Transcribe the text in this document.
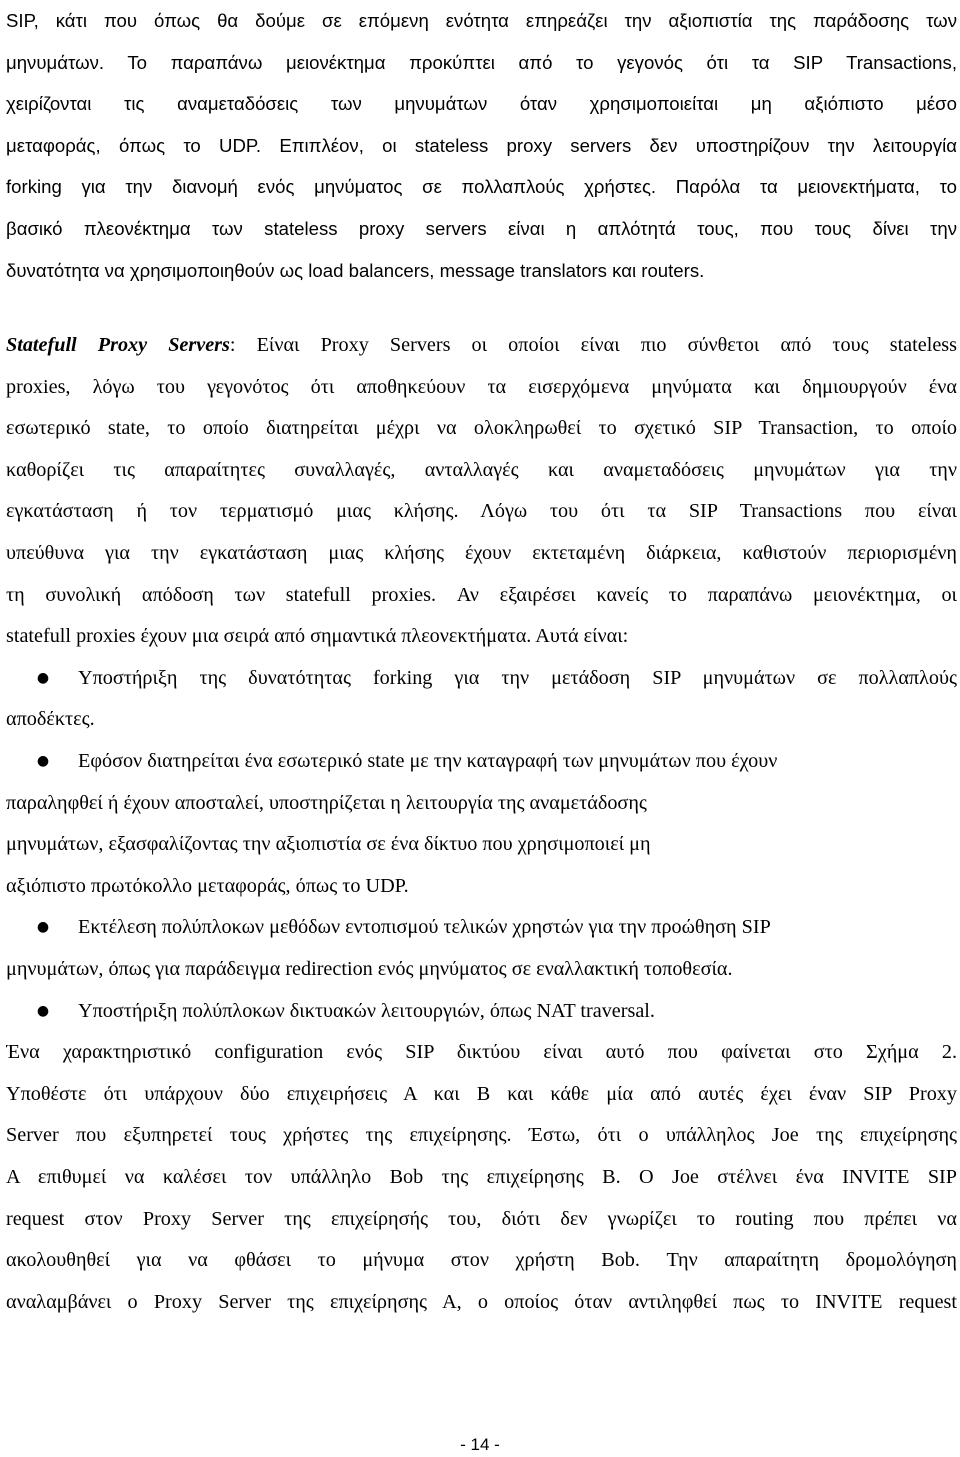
SIP, κάτι που όπως θα δούμε σε επόμενη ενότητα επηρεάζει την αξιοπιστία της παράδοσης των
μηνυμάτων. Το παραπάνω μειονέκτημα προκύπτει από το γεγονός ότι τα SIP Transactions,
χειρίζονται τις αναμεταδόσεις των μηνυμάτων όταν χρησιμοποιείται μη αξιόπιστο μέσο
μεταφοράς, όπως το UDP. Επιπλέον, οι stateless proxy servers δεν υποστηρίζουν την λειτουργία
forking για την διανομή ενός μηνύματος σε πολλαπλούς χρήστες. Παρόλα τα μειονεκτήματα, το
βασικό πλεονέκτημα των stateless proxy servers είναι η απλότητά τους, που τους δίνει την
δυνατότητα να χρησιμοποιηθούν ως load balancers, message translators και routers.
Statefull Proxy Servers: Είναι Proxy Servers οι οποίοι είναι πιο σύνθετοι από τους stateless
proxies, λόγω του γεγονότος ότι αποθηκεύουν τα εισερχόμενα μηνύματα και δημιουργούν ένα
εσωτερικό state, το οποίο διατηρείται μέχρι να ολοκληρωθεί το σχετικό SIP Transaction, το οποίο
καθορίζει τις απαραίτητες συναλλαγές, ανταλλαγές και αναμεταδόσεις μηνυμάτων για την
εγκατάσταση ή τον τερματισμό μιας κλήσης. Λόγω του ότι τα SIP Transactions που είναι
υπεύθυνα για την εγκατάσταση μιας κλήσης έχουν εκτεταμένη διάρκεια, καθιστούν περιορισμένη
τη συνολική απόδοση των statefull proxies. Αν εξαιρέσει κανείς το παραπάνω μειονέκτημα, οι
statefull proxies έχουν μια σειρά από σημαντικά πλεονεκτήματα. Αυτά είναι:
● Υποστήριξη της δυνατότητας forking για την μετάδοση SIP μηνυμάτων σε πολλαπλούς
αποδέκτες.
● Εφόσον διατηρείται ένα εσωτερικό state με την καταγραφή των μηνυμάτων που έχουν
παραληφθεί ή έχουν αποσταλεί, υποστηρίζεται η λειτουργία της αναμετάδοσης
μηνυμάτων, εξασφαλίζοντας την αξιοπιστία σε ένα δίκτυο που χρησιμοποιεί μη
αξιόπιστο πρωτόκολλο μεταφοράς, όπως το UDP.
● Εκτέλεση πολύπλοκων μεθόδων εντοπισμού τελικών χρηστών για την προώθηση SIP
μηνυμάτων, όπως για παράδειγμα redirection ενός μηνύματος σε εναλλακτική τοποθεσία.
● Υποστήριξη πολύπλοκων δικτυακών λειτουργιών, όπως NAT traversal.
Ένα χαρακτηριστικό configuration ενός SIP δικτύου είναι αυτό που φαίνεται στο Σχήμα 2.
Υποθέστε ότι υπάρχουν δύο επιχειρήσεις Α και Β και κάθε μία από αυτές έχει έναν SIP Proxy
Server που εξυπηρετεί τους χρήστες της επιχείρησης. Έστω, ότι ο υπάλληλος Joe της επιχείρησης
Α επιθυμεί να καλέσει τον υπάλληλο Bob της επιχείρησης Β. Ο Joe στέλνει ένα INVITE SIP
request στον Proxy Server της επιχείρησής του, διότι δεν γνωρίζει το routing που πρέπει να
ακολουθηθεί για να φθάσει το μήνυμα στον χρήστη Bob. Την απαραίτητη δρομολόγηση
αναλαμβάνει ο Proxy Server της επιχείρησης Α, ο οποίος όταν αντιληφθεί πως το INVITE request
- 14 -
